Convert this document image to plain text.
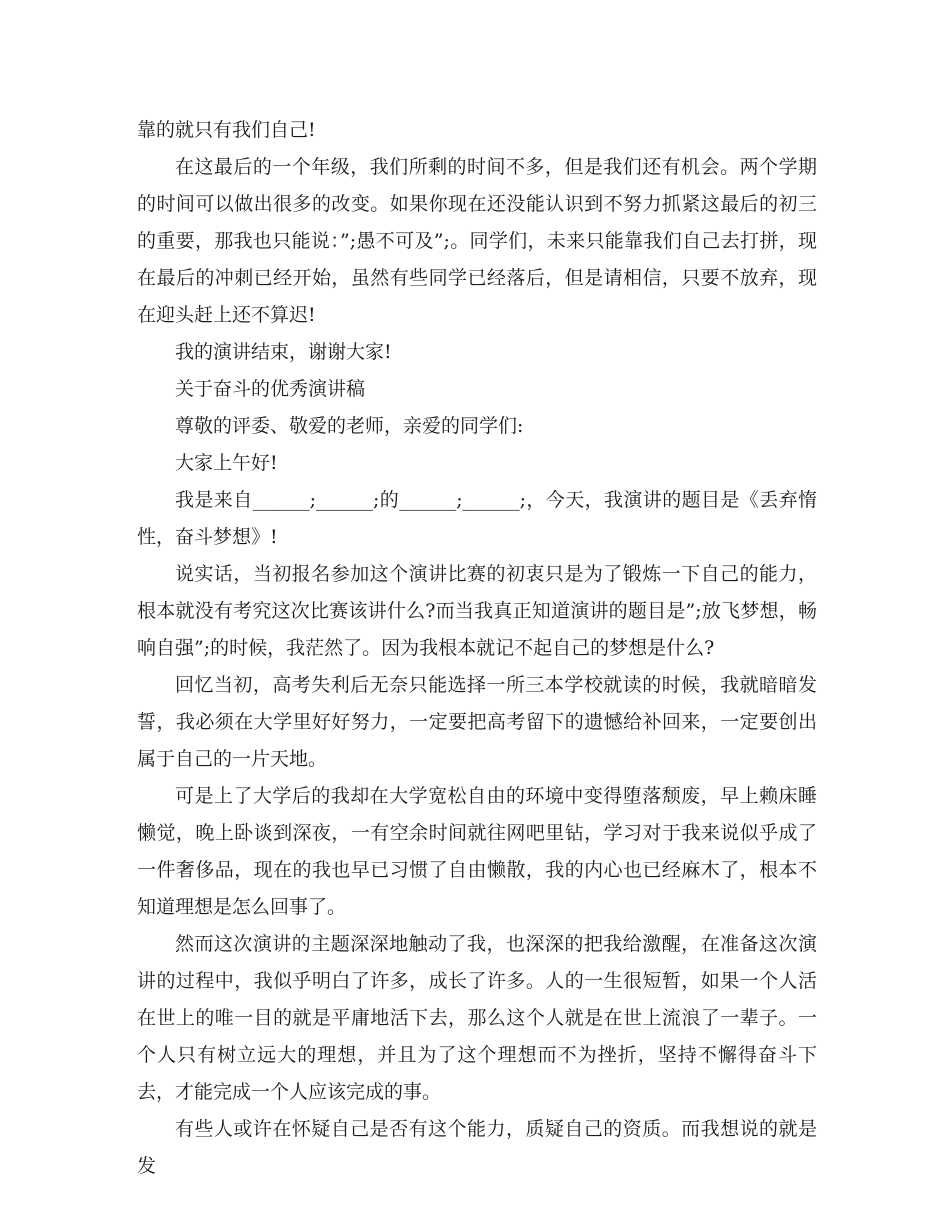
靠的就只有我们自己!

在这最后的一个年级，我们所剩的时间不多，但是我们还有机会。两个学期的时间可以做出很多的改变。如果你现在还没能认识到不努力抓紧这最后的初三的重要，那我也只能说：”;愚不可及”;。同学们，未来只能靠我们自己去打拼，现在最后的冲刺已经开始，虽然有些同学已经落后，但是请相信，只要不放弃，现在迎头赶上还不算迟!

我的演讲结束，谢谢大家!

关于奋斗的优秀演讲稿

尊敬的评委、敬爱的老师，亲爱的同学们:

大家上午好!

我是来自______;______;的______;______;，今天，我演讲的题目是《丢弃惰性，奋斗梦想》!

说实话，当初报名参加这个演讲比赛的初衷只是为了锻炼一下自己的能力，根本就没有考究这次比赛该讲什么?而当我真正知道演讲的题目是”;放飞梦想，畅响自强”;的时候，我茫然了。因为我根本就记不起自己的梦想是什么?

回忆当初，高考失利后无奈只能选择一所三本学校就读的时候，我就暗暗发誓，我必须在大学里好好努力，一定要把高考留下的遗憾给补回来，一定要创出属于自己的一片天地。

可是上了大学后的我却在大学宽松自由的环境中变得堕落颓废，早上赖床睡懒觉，晚上卧谈到深夜，一有空余时间就往网吧里钻，学习对于我来说似乎成了一件奢侈品，现在的我也早已习惯了自由懒散，我的内心也已经麻木了，根本不知道理想是怎么回事了。

然而这次演讲的主题深深地触动了我，也深深的把我给激醒，在准备这次演讲的过程中，我似乎明白了许多，成长了许多。人的一生很短暂，如果一个人活在世上的唯一目的就是平庸地活下去，那么这个人就是在世上流浪了一辈子。一个人只有树立远大的理想，并且为了这个理想而不为挫折，坚持不懈得奋斗下去，才能完成一个人应该完成的事。

有些人或许在怀疑自己是否有这个能力，质疑自己的资质。而我想说的就是发
